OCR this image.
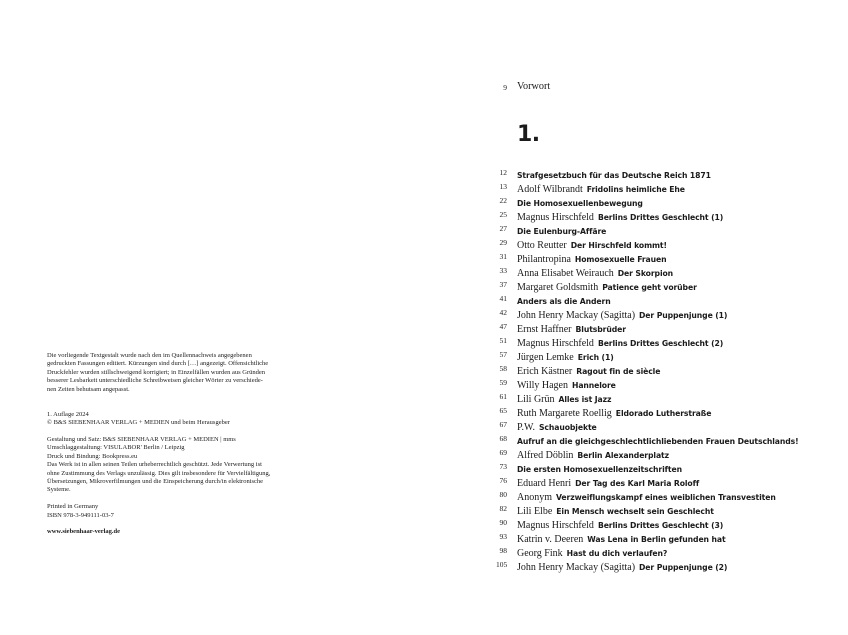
Die vorliegende Textgestalt wurde nach den im Quellennachweis angegebenen

gedruckten Fassungen editiert. Kürzungen sind durch […] angezeigt. Offensichtliche

Druckfehler wurden stillschweigend korrigiert; in Einzelfällen wurden aus Gründen

besserer Lesbarkeit unterschiedliche Schreibweisen gleicher Wörter zu verschiede-

nen Zeiten behutsam angepasst.

1. Auflage 2024

© B&S SIEBENHAAR VERLAG + MEDIEN und beim Herausgeber

Gestaltung und Satz: B&S SIEBENHAAR VERLAG + MEDIEN | mms

Umschlaggestaltung: VISULABOR' Berlin / Leipzig

Druck und Bindung: Bookpress.eu

Das Werk ist in allen seinen Teilen urheberrechtlich geschützt. Jede Verwertung ist

ohne Zustimmung des Verlags unzulässig. Dies gilt insbesondere für Vervielfältigung,

Übersetzungen, Mikroverfilmungen und die Einspeicherung durch/in elektronische

Systeme.

Printed in Germany

ISBN 978-3-949111-03-7

www.siebenhaar-verlag.de

9 Vorwort
1.
12 Strafgesetzbuch für das Deutsche Reich 1871
13 Adolf Wilbrandt Fridolins heimliche Ehe
22 Die Homosexuellenbewegung
25 Magnus Hirschfeld Berlins Drittes Geschlecht (1)
27 Die Eulenburg-Affäre
29 Otto Reutter Der Hirschfeld kommt!
31 Philantropina Homosexuelle Frauen
33 Anna Elisabet Weirauch Der Skorpion
37 Margaret Goldsmith Patience geht vorüber
41 Anders als die Andern
42 John Henry Mackay (Sagitta) Der Puppenjunge (1)
47 Ernst Haffner Blutsbrüder
51 Magnus Hirschfeld Berlins Drittes Geschlecht (2)
57 Jürgen Lemke Erich (1)
58 Erich Kästner Ragout fin de siècle
59 Willy Hagen Hannelore
61 Lili Grün Alles ist Jazz
65 Ruth Margarete Roellig Eldorado Lutherstraße
67 P.W. Schauobjekte
68 Aufruf an die gleichgeschlechtlichliebenden Frauen Deutschlands!
69 Alfred Döblin Berlin Alexanderplatz
73 Die ersten Homosexuellenzeitschriften
76 Eduard Henri Der Tag des Karl Maria Roloff
80 Anonym Verzweiflungskampf eines weiblichen Transvestiten
82 Lili Elbe Ein Mensch wechselt sein Geschlecht
90 Magnus Hirschfeld Berlins Drittes Geschlecht (3)
93 Katrin v. Deeren Was Lena in Berlin gefunden hat
98 Georg Fink Hast du dich verlaufen?
105 John Henry Mackay (Sagitta) Der Puppenjunge (2)
